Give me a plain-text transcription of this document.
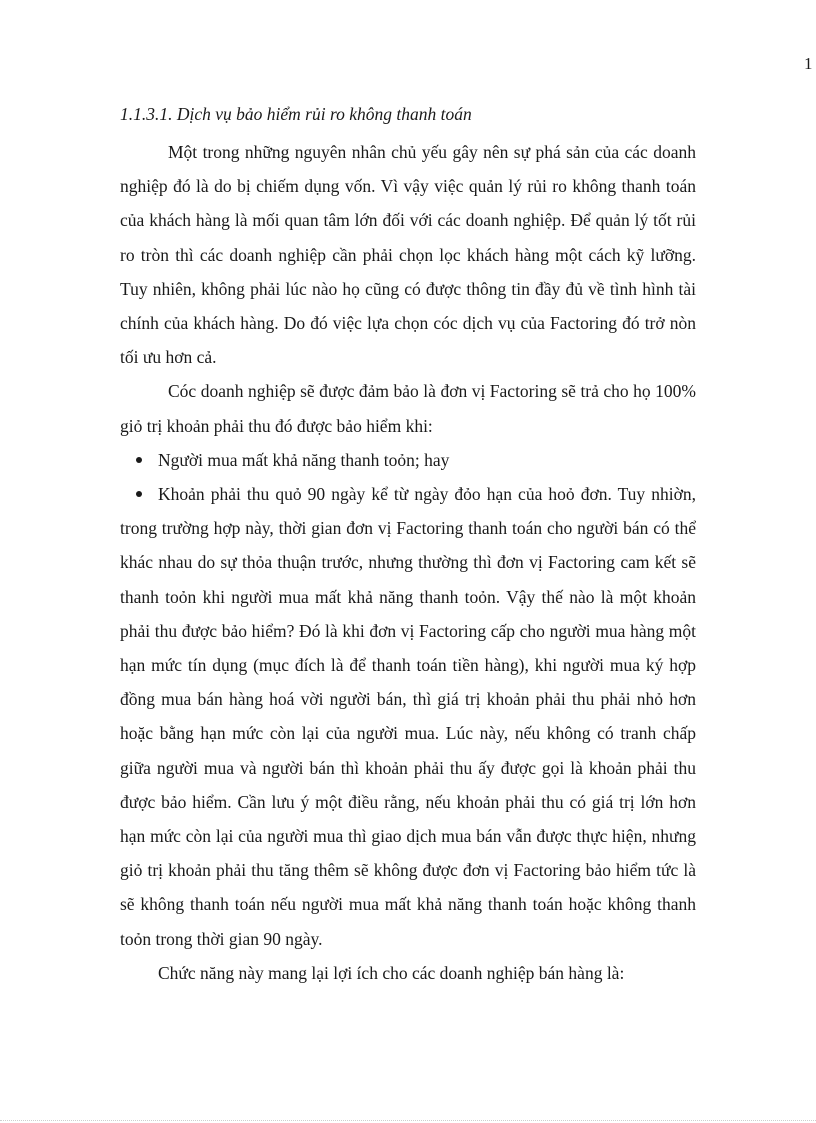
1
1.1.3.1. Dịch vụ bảo hiểm rủi ro không thanh toán

Một trong những nguyên nhân chủ yếu gây nên sự phá sản của các doanh nghiệp đó là do bị chiếm dụng vốn. Vì vậy việc quản lý rủi ro không thanh toán của khách hàng là mối quan tâm lớn đối với các doanh nghiệp. Để quản lý tốt rủi ro tròn thì các doanh nghiệp cần phải chọn lọc khách hàng một cách kỹ lưỡng. Tuy nhiên, không phải lúc nào họ cũng có được thông tin đầy đủ về tình hình tài chính của khách hàng. Do đó việc lựa chọn cóc dịch vụ của Factoring đó trở nòn tối ưu hơn cả.

Cóc doanh nghiệp sẽ được đảm bảo là đơn vị Factoring sẽ trả cho họ 100% giỏ trị khoản phải thu đó được bảo hiểm khi:

Người mua mất khả năng thanh toỏn; hay

Khoản phải thu quỏ 90 ngày kể từ ngày đỏo hạn của hoỏ đơn. Tuy nhiờn, trong trường hợp này, thời gian đơn vị Factoring thanh toán cho người bán có thể khác nhau do sự thỏa thuận trước, nhưng thường thì đơn vị Factoring cam kết sẽ thanh toỏn khi người mua mất khả năng thanh toỏn. Vậy thế nào là một khoản phải thu được bảo hiểm? Đó là khi đơn vị Factoring cấp cho người mua hàng một hạn mức tín dụng (mục đích là để thanh toán tiền hàng), khi người mua ký hợp đồng mua bán hàng hoá vời người bán, thì giá trị khoản phải thu phải nhỏ hơn hoặc bằng hạn mức còn lại của người mua. Lúc này, nếu không có tranh chấp giữa người mua và người bán thì khoản phải thu ấy được gọi là khoản phải thu được bảo hiểm. Cần lưu ý một điều rằng, nếu khoản phải thu có giá trị lớn hơn hạn mức còn lại của người mua thì giao dịch mua bán vẫn được thực hiện, nhưng giỏ trị khoản phải thu tăng thêm sẽ không được đơn vị Factoring bảo hiểm tức là sẽ không thanh toán nếu người mua mất khả năng thanh toán hoặc không thanh toỏn trong thời gian 90 ngày.

Chức năng này mang lại lợi ích cho các doanh nghiệp bán hàng là:
